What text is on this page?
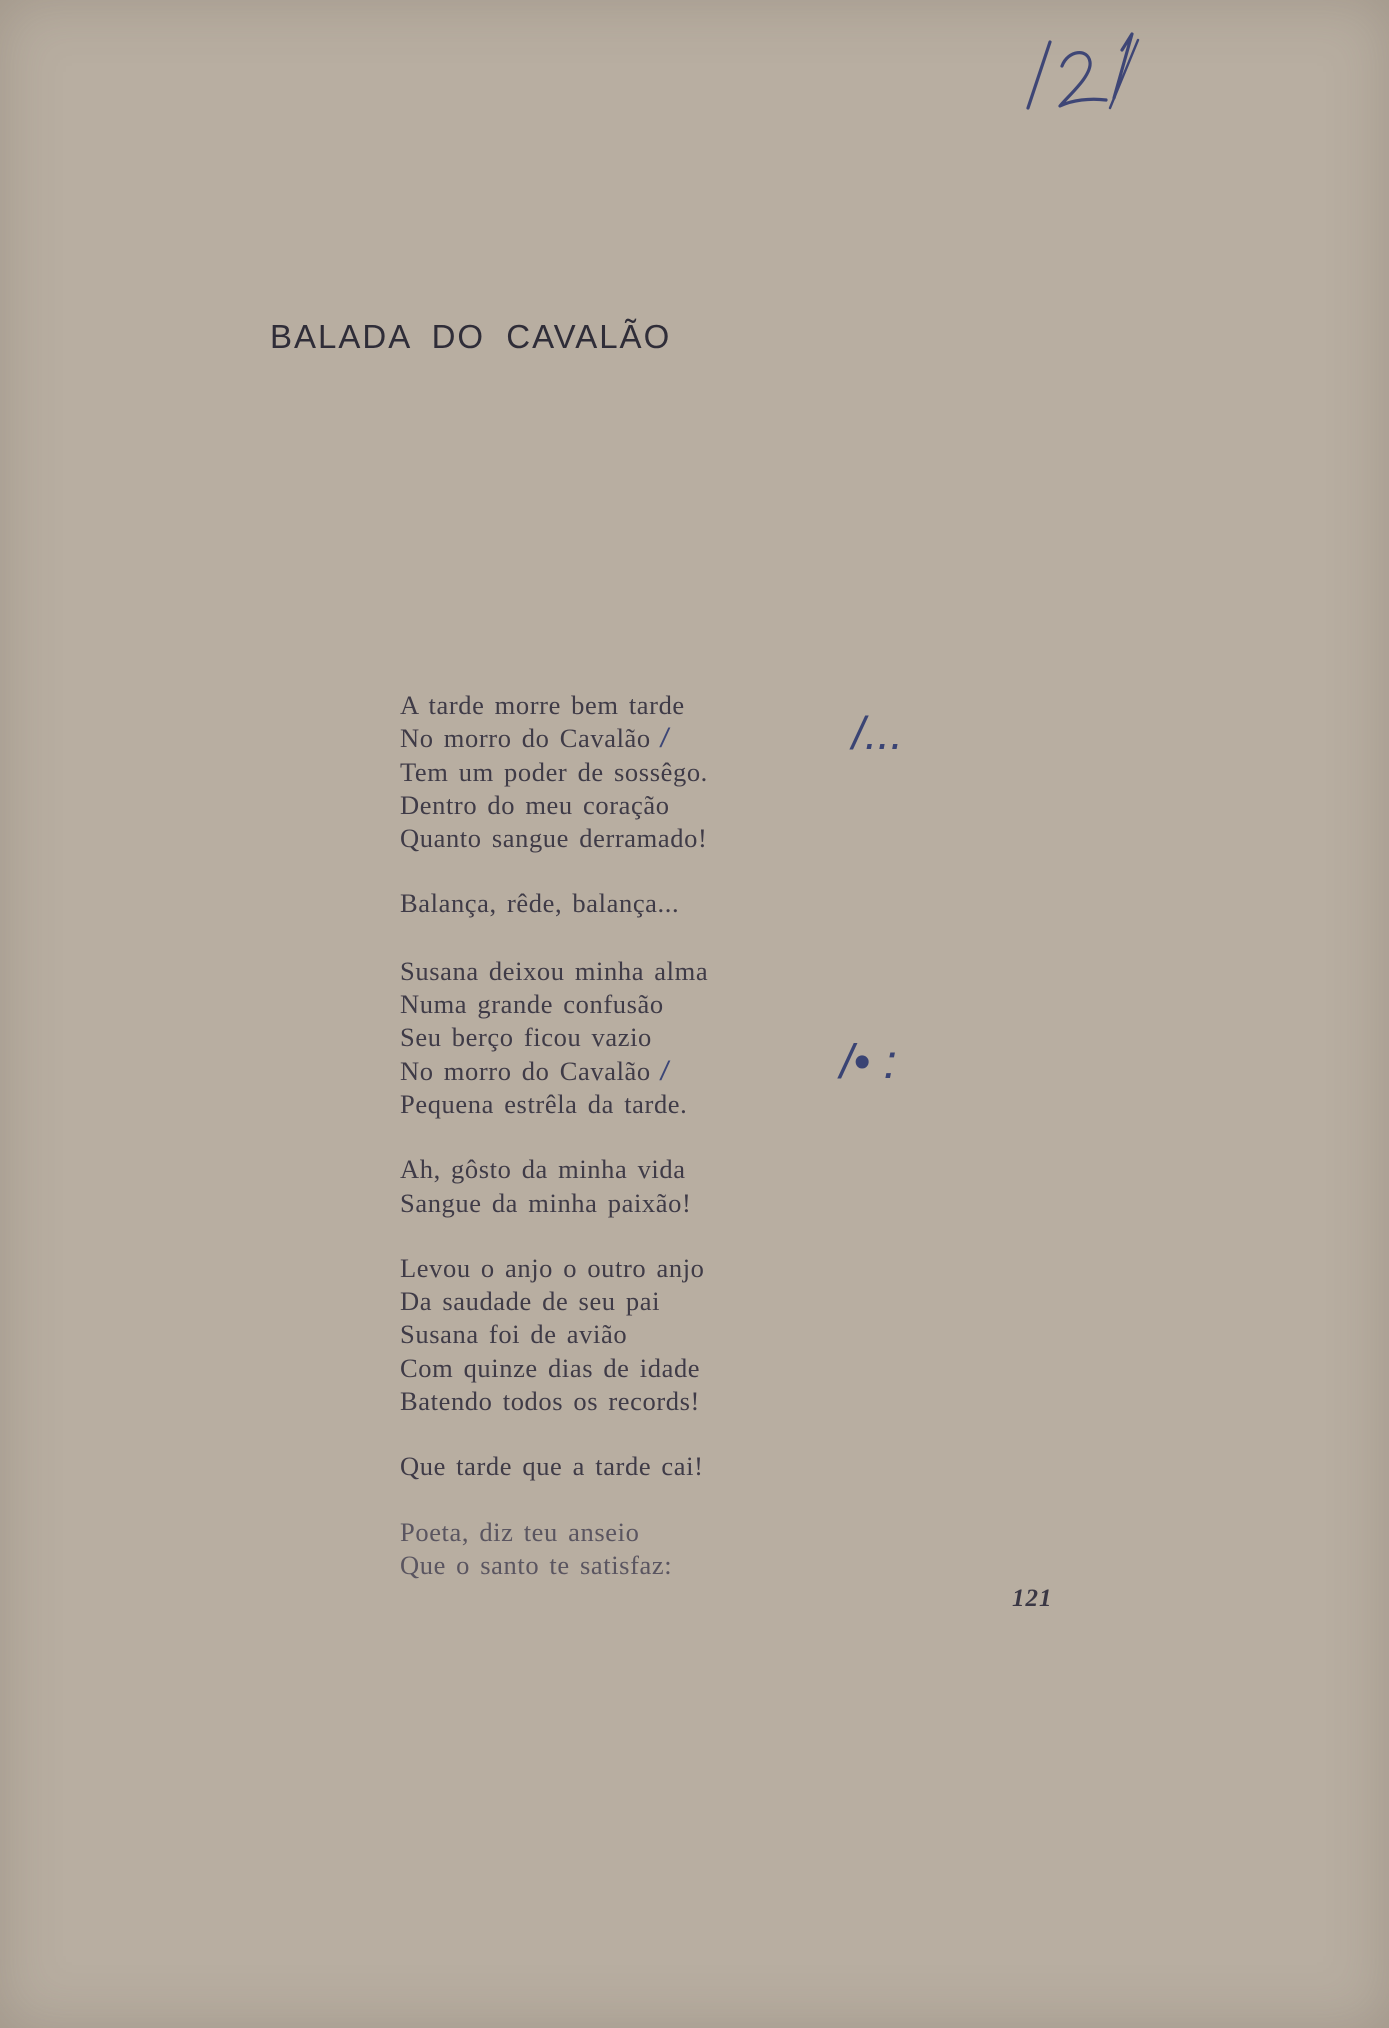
BALADA DO CAVALÃO
A tarde morre bem tarde
No morro do Cavalão /
Tem um poder de sossêgo.
Dentro do meu coração
Quanto sangue derramado!
Balança, rêde, balança...
Susana deixou minha alma
Numa grande confusão
Seu berço ficou vazio
No morro do Cavalão /
Pequena estrêla da tarde.
Ah, gôsto da minha vida
Sangue da minha paixão!
Levou o anjo o outro anjo
Da saudade de seu pai
Susana foi de avião
Com quinze dias de idade
Batendo todos os records!
Que tarde que a tarde cai!
Poeta, diz teu anseio
Que o santo te satisfaz:
/...
/• :
121
